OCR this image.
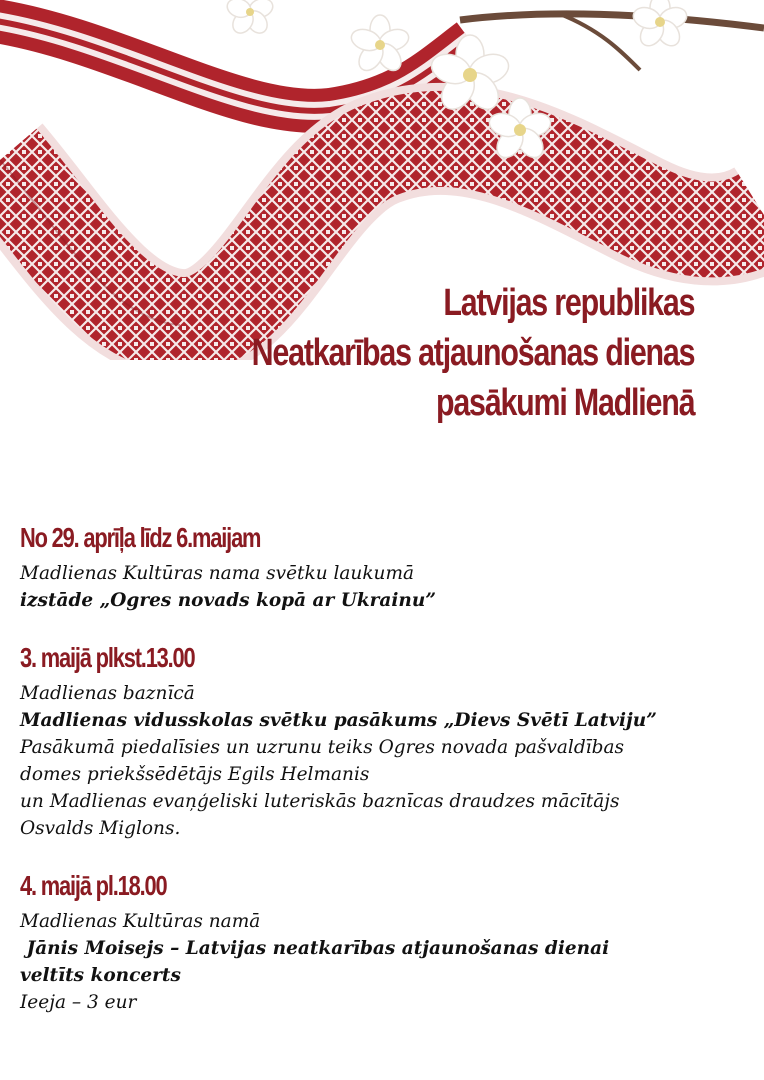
Latvijas republikas
Neatkarības atjaunošanas dienas
pasākumi Madlienā
No 29. aprīļa līdz 6.maijam
Madlienas Kultūras nama svētku laukumā
izstāde „Ogres novads kopā ar Ukrainu”
3. maijā plkst.13.00
Madlienas baznīcā
Madlienas vidusskolas svētku pasākums „Dievs Svētī Latviju”
Pasākumā piedalīsies un uzrunu teiks Ogres novada pašvaldības
domes priekšsēdētājs Egils Helmanis
un Madlienas evaņģeliski luteriskās baznīcas draudzes mācītājs
Osvalds Miglons.
4. maijā pl.18.00
Madlienas Kultūras namā
Jānis Moisejs – Latvijas neatkarības atjaunošanas dienai
veltīts koncerts
Ieeja – 3 eur
